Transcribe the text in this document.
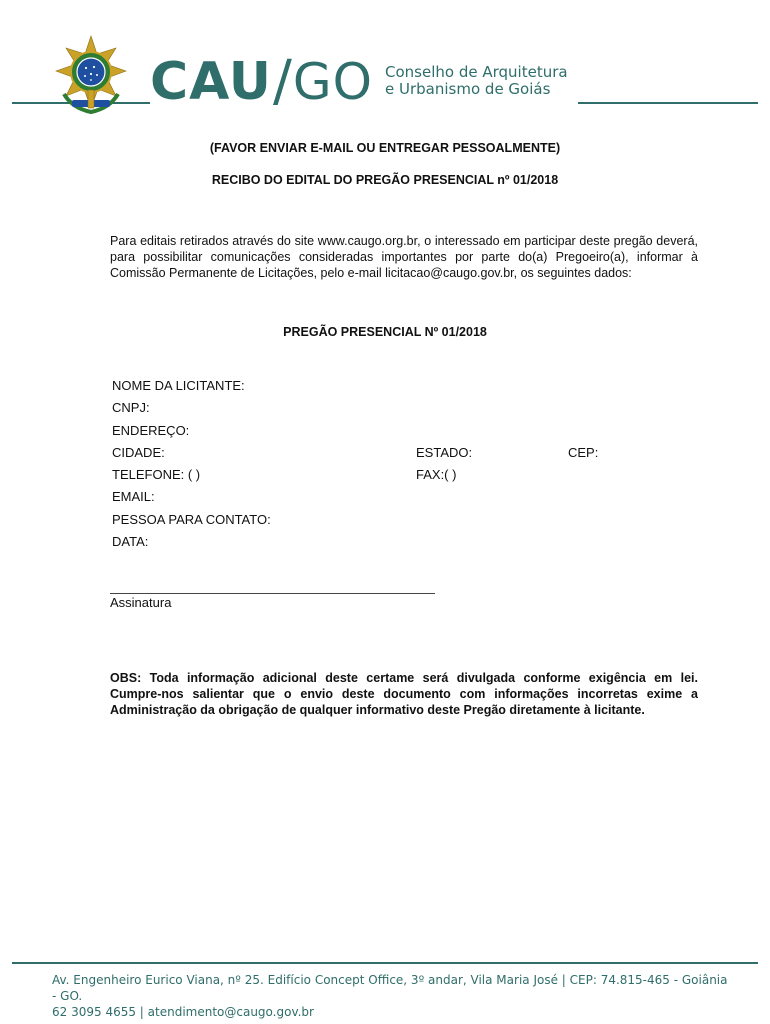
CAU / GO Conselho de Arquitetura
e Urbanismo de Goiás
(FAVOR ENVIAR E-MAIL OU ENTREGAR PESSOALMENTE)
RECIBO DO EDITAL DO PREGÃO PRESENCIAL nº 01/2018
Para editais retirados através do site www.caugo.org.br, o interessado em participar deste pregão deverá, para possibilitar comunicações consideradas importantes por parte do(a) Pregoeiro(a), informar à Comissão Permanente de Licitações, pelo e-mail licitacao@caugo.gov.br, os seguintes dados:
PREGÃO PRESENCIAL Nº 01/2018
NOME DA LICITANTE:
CNPJ:
ENDEREÇO:
CIDADE:	ESTADO:	CEP:
TELEFONE: ( )	FAX:( )
EMAIL:
PESSOA PARA CONTATO:
DATA:
Assinatura
OBS: Toda informação adicional deste certame será divulgada conforme exigência em lei. Cumpre-nos salientar que o envio deste documento com informações incorretas exime a Administração da obrigação de qualquer informativo deste Pregão diretamente à licitante.
Av. Engenheiro Eurico Viana, nº 25. Edifício Concept Office, 3º andar, Vila Maria José | CEP: 74.815-465 - Goiânia - GO.
62 3095 4655 | atendimento@caugo.gov.br
